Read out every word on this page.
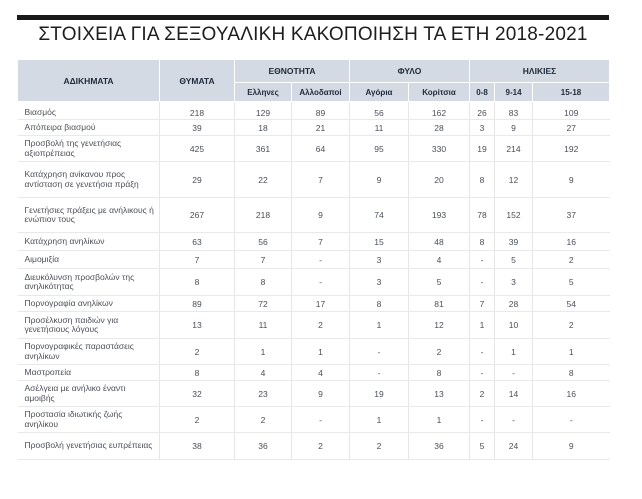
ΣΤΟΙΧΕΙΑ ΓΙΑ ΣΕΞΟΥΑΛΙΚΗ ΚΑΚΟΠΟΙΗΣΗ ΤΑ ΕΤΗ 2018-2021
ΑΔΙΚΗΜΑΤΑ	ΘΥΜΑΤΑ	ΕΘΝΟΤΗΤΑ		ΦΥΛΟ		ΗΛΙΚΙΕΣ		
		Ελληνες	Αλλοδαποί	Αγόρια	Κορίτσια	0-8	9-14	15-18

Βιασμός	218	129	89	56	162	26	83	109
Απόπειρα βιασμού	39	18	21	11	28	3	9	27
Προσβολή της γενετήσιας αξιοπρέπειας	425	361	64	95	330	19	214	192
Κατάχρηση ανίκανου προς αντίσταση σε γενετήσια πράξη	29	22	7	9	20	8	12	9
Γενετήσιες πράξεις με ανήλικους ή ενώπιον τους	267	218	9	74	193	78	152	37
Κατάχρηση ανηλίκων	63	56	7	15	48	8	39	16
Αιμομιξία	7	7	-	3	4	-	5	2
Διευκόλυνση προσβολών της ανηλικότητας	8	8	-	3	5	-	3	5
Πορνογραφία ανηλίκων	89	72	17	8	81	7	28	54
Προσέλκυση παιδιών για γενετήσιους λόγους	13	11	2	1	12	1	10	2
Πορνογραφικές παραστάσεις ανηλίκων	2	1	1	-	2	-	1	1
Μαστροπεία	8	4	4	-	8	-	-	8
Ασέλγεια με ανήλικο έναντι αμοιβής	32	23	9	19	13	2	14	16
Προστασία ιδιωτικής ζωής ανηλίκου	2	2	-	1	1	-	-	-
Προσβολή γενετήσιας ευπρέπειας	38	36	2	2	36	5	24	9
